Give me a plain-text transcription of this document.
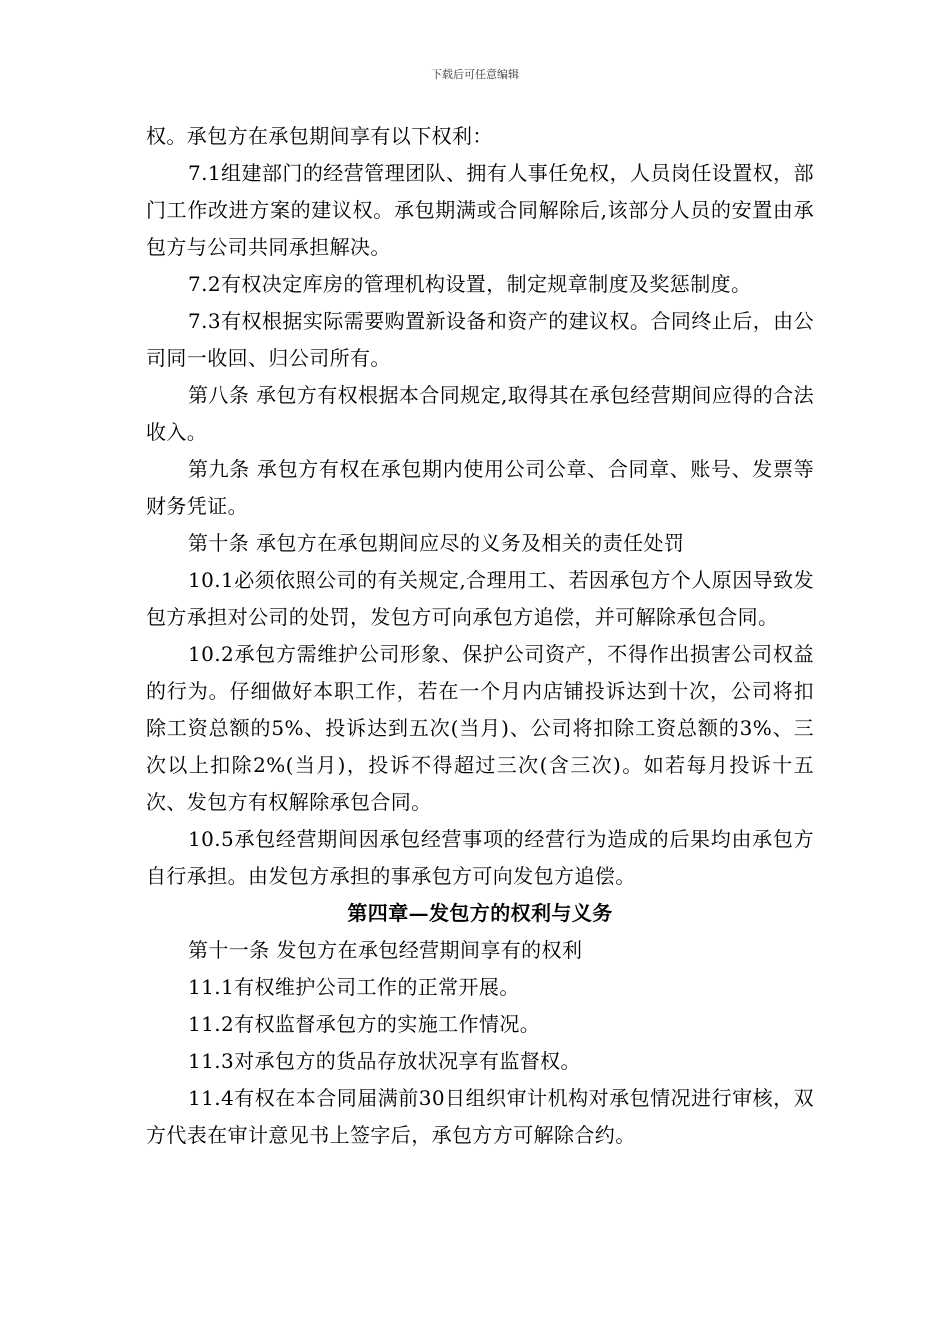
下载后可任意编辑

权。承包方在承包期间享有以下权利：

7.1组建部门的经营管理团队、拥有人事任免权，人员岗任设置权，部门工作改进方案的建议权。承包期满或合同解除后,该部分人员的安置由承包方与公司共同承担解决。

7.2有权决定库房的管理机构设置，制定规章制度及奖惩制度。

7.3有权根据实际需要购置新设备和资产的建议权。合同终止后，由公司同一收回、归公司所有。

第八条 承包方有权根据本合同规定,取得其在承包经营期间应得的合法收入。

第九条 承包方有权在承包期内使用公司公章、合同章、账号、发票等财务凭证。

第十条 承包方在承包期间应尽的义务及相关的责任处罚

10.1必须依照公司的有关规定,合理用工、若因承包方个人原因导致发包方承担对公司的处罚，发包方可向承包方追偿，并可解除承包合同。

10.2承包方需维护公司形象、保护公司资产，不得作出损害公司权益的行为。仔细做好本职工作，若在一个月内店铺投诉达到十次，公司将扣除工资总额的5%、投诉达到五次(当月)、公司将扣除工资总额的3%、三次以上扣除2%(当月)，投诉不得超过三次(含三次)。如若每月投诉十五次、发包方有权解除承包合同。

10.5承包经营期间因承包经营事项的经营行为造成的后果均由承包方自行承担。由发包方承担的事承包方可向发包方追偿。

第四章—发包方的权利与义务

第十一条 发包方在承包经营期间享有的权利

11.1有权维护公司工作的正常开展。

11.2有权监督承包方的实施工作情况。

11.3对承包方的货品存放状况享有监督权。

11.4有权在本合同届满前30日组织审计机构对承包情况进行审核，双方代表在审计意见书上签字后，承包方方可解除合约。
